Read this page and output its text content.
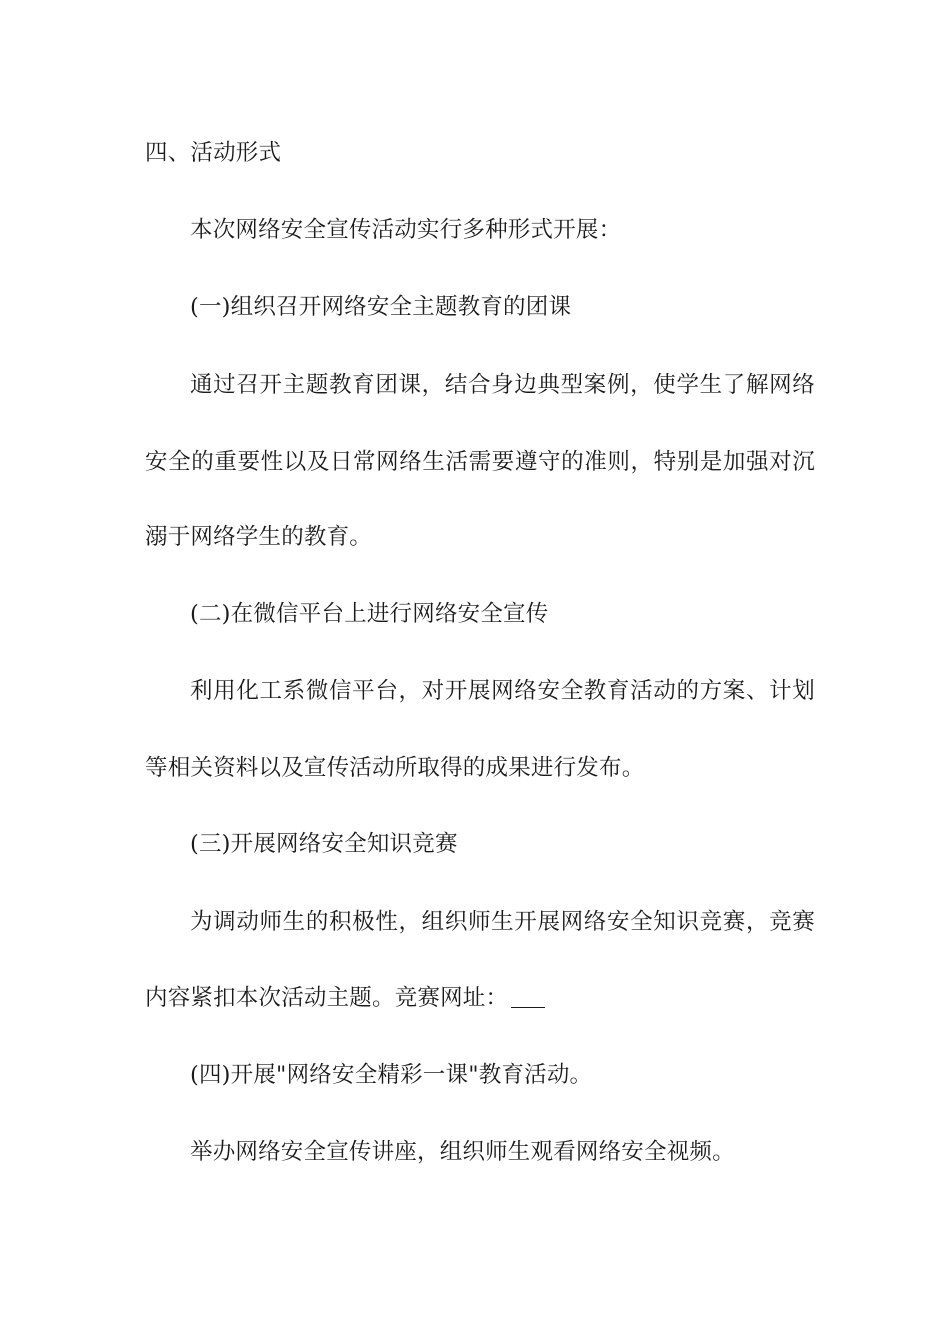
四、活动形式
本次网络安全宣传活动实行多种形式开展：
(一)组织召开网络安全主题教育的团课
通过召开主题教育团课，结合身边典型案例，使学生了解网络
安全的重要性以及日常网络生活需要遵守的准则，特别是加强对沉
溺于网络学生的教育。
(二)在微信平台上进行网络安全宣传
利用化工系微信平台，对开展网络安全教育活动的方案、计划
等相关资料以及宣传活动所取得的成果进行发布。
(三)开展网络安全知识竞赛
为调动师生的积极性，组织师生开展网络安全知识竞赛，竞赛
内容紧扣本次活动主题。竞赛网址：
(四)开展"网络安全精彩一课"教育活动。
举办网络安全宣传讲座，组织师生观看网络安全视频。
